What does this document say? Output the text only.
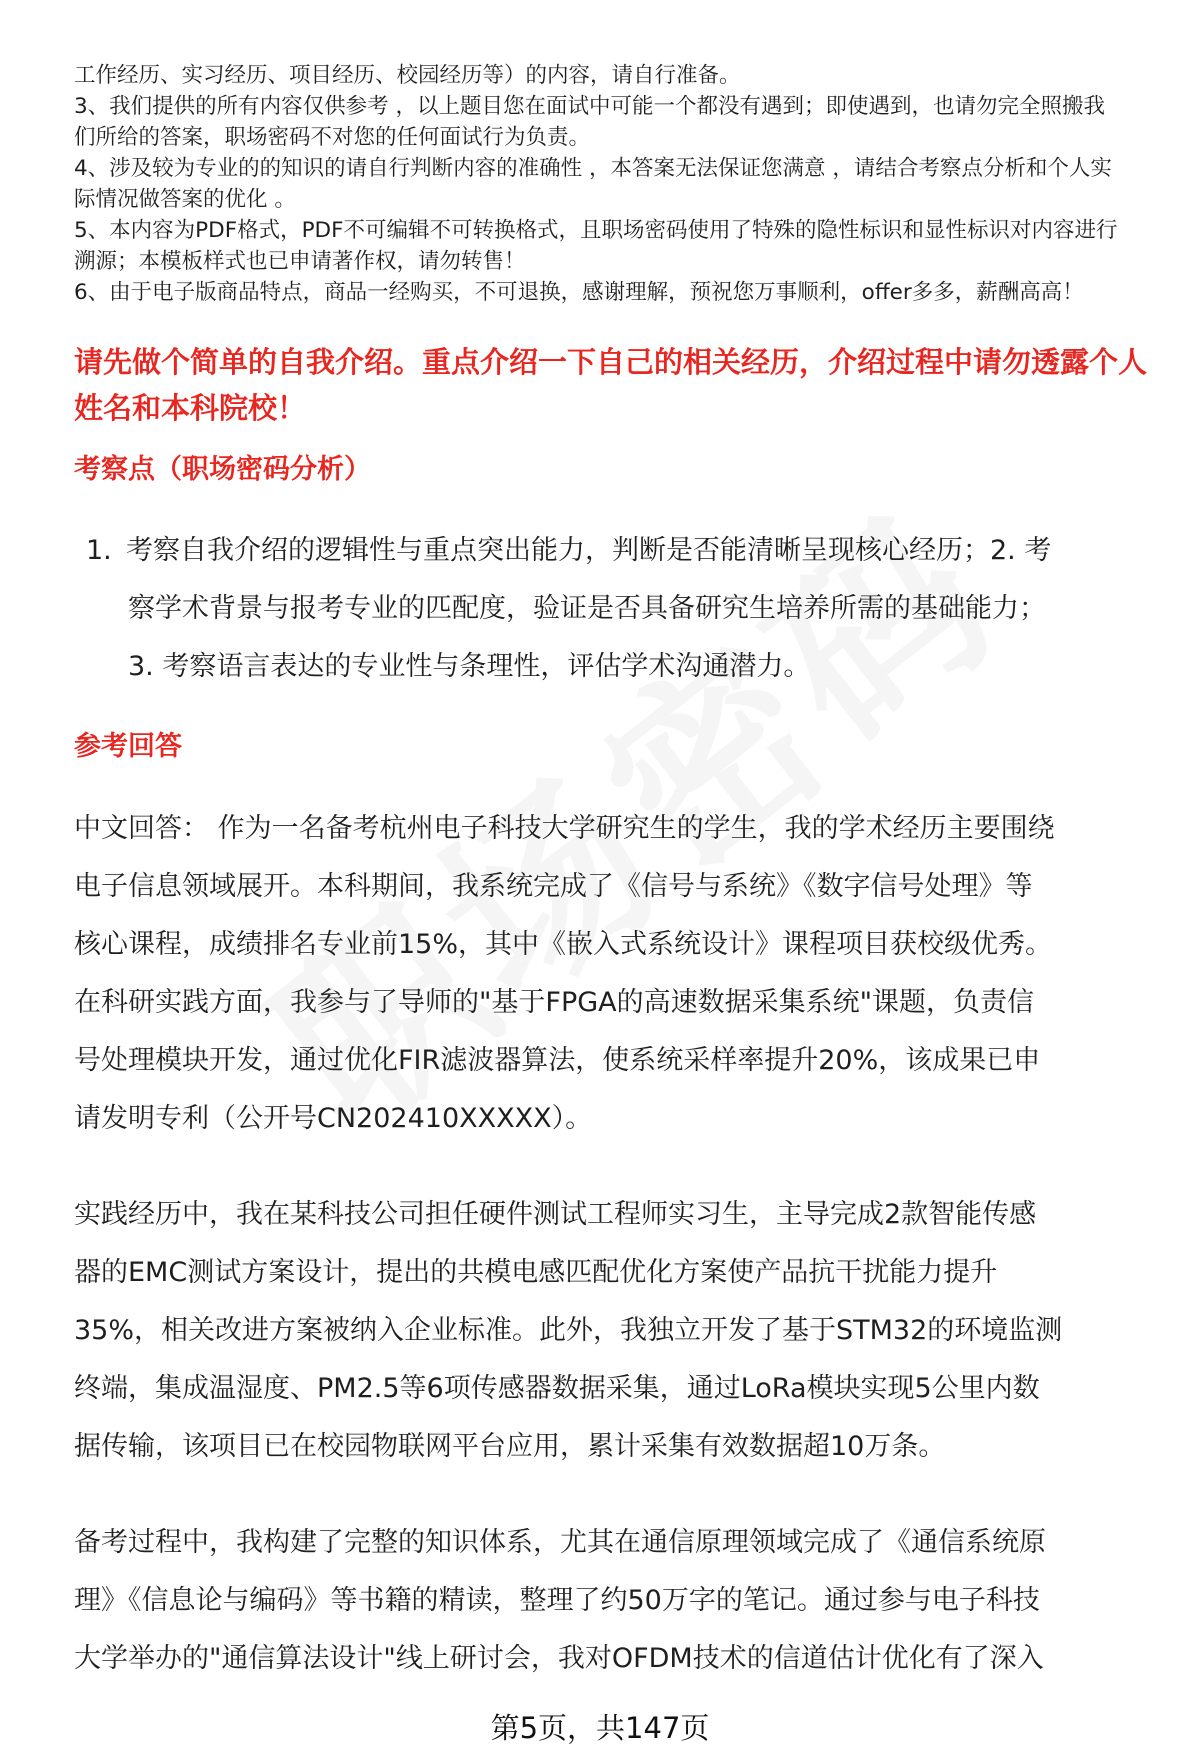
工作经历、实习经历、项目经历、校园经历等）的内容，请自行准备。

3、我们提供的所有内容仅供参考 ，以上题目您在面试中可能一个都没有遇到；即使遇到，也请勿完全照搬我

们所给的答案，职场密码不对您的任何面试行为负责。

4、涉及较为专业的的知识的请自行判断内容的准确性 ，本答案无法保证您满意 ，请结合考察点分析和个人实

际情况做答案的优化 。

5、本内容为PDF格式，PDF不可编辑不可转换格式，且职场密码使用了特殊的隐性标识和显性标识对内容进行

溯源；本模板样式也已申请著作权，请勿转售！

6、由于电子版商品特点，商品一经购买，不可退换，感谢理解，预祝您万事顺利，offer多多，薪酬高高！

请先做个简单的自我介绍。重点介绍一下自己的相关经历，介绍过程中请勿透露个人姓名和本科院校！

考察点（职场密码分析）

1. 考察自我介绍的逻辑性与重点突出能力，判断是否能清晰呈现核心经历；2. 考
察学术背景与报考专业的匹配度，验证是否具备研究生培养所需的基础能力；
3. 考察语言表达的专业性与条理性，评估学术沟通潜力。

参考回答

中文回答： 作为一名备考杭州电子科技大学研究生的学生，我的学术经历主要围绕
电子信息领域展开。本科期间，我系统完成了《信号与系统》《数字信号处理》等
核心课程，成绩排名专业前15%，其中《嵌入式系统设计》课程项目获校级优秀。
在科研实践方面，我参与了导师的"基于FPGA的高速数据采集系统"课题，负责信
号处理模块开发，通过优化FIR滤波器算法，使系统采样率提升20%，该成果已申
请发明专利（公开号CN202410XXXXX）。
实践经历中，我在某科技公司担任硬件测试工程师实习生，主导完成2款智能传感
器的EMC测试方案设计，提出的共模电感匹配优化方案使产品抗干扰能力提升
35%，相关改进方案被纳入企业标准。此外，我独立开发了基于STM32的环境监测
终端，集成温湿度、PM2.5等6项传感器数据采集，通过LoRa模块实现5公里内数
据传输，该项目已在校园物联网平台应用，累计采集有效数据超10万条。
备考过程中，我构建了完整的知识体系，尤其在通信原理领域完成了《通信系统原
理》《信息论与编码》等书籍的精读，整理了约50万字的笔记。通过参与电子科技
大学举办的"通信算法设计"线上研讨会，我对OFDM技术的信道估计优化有了深入
第5页，共147页
